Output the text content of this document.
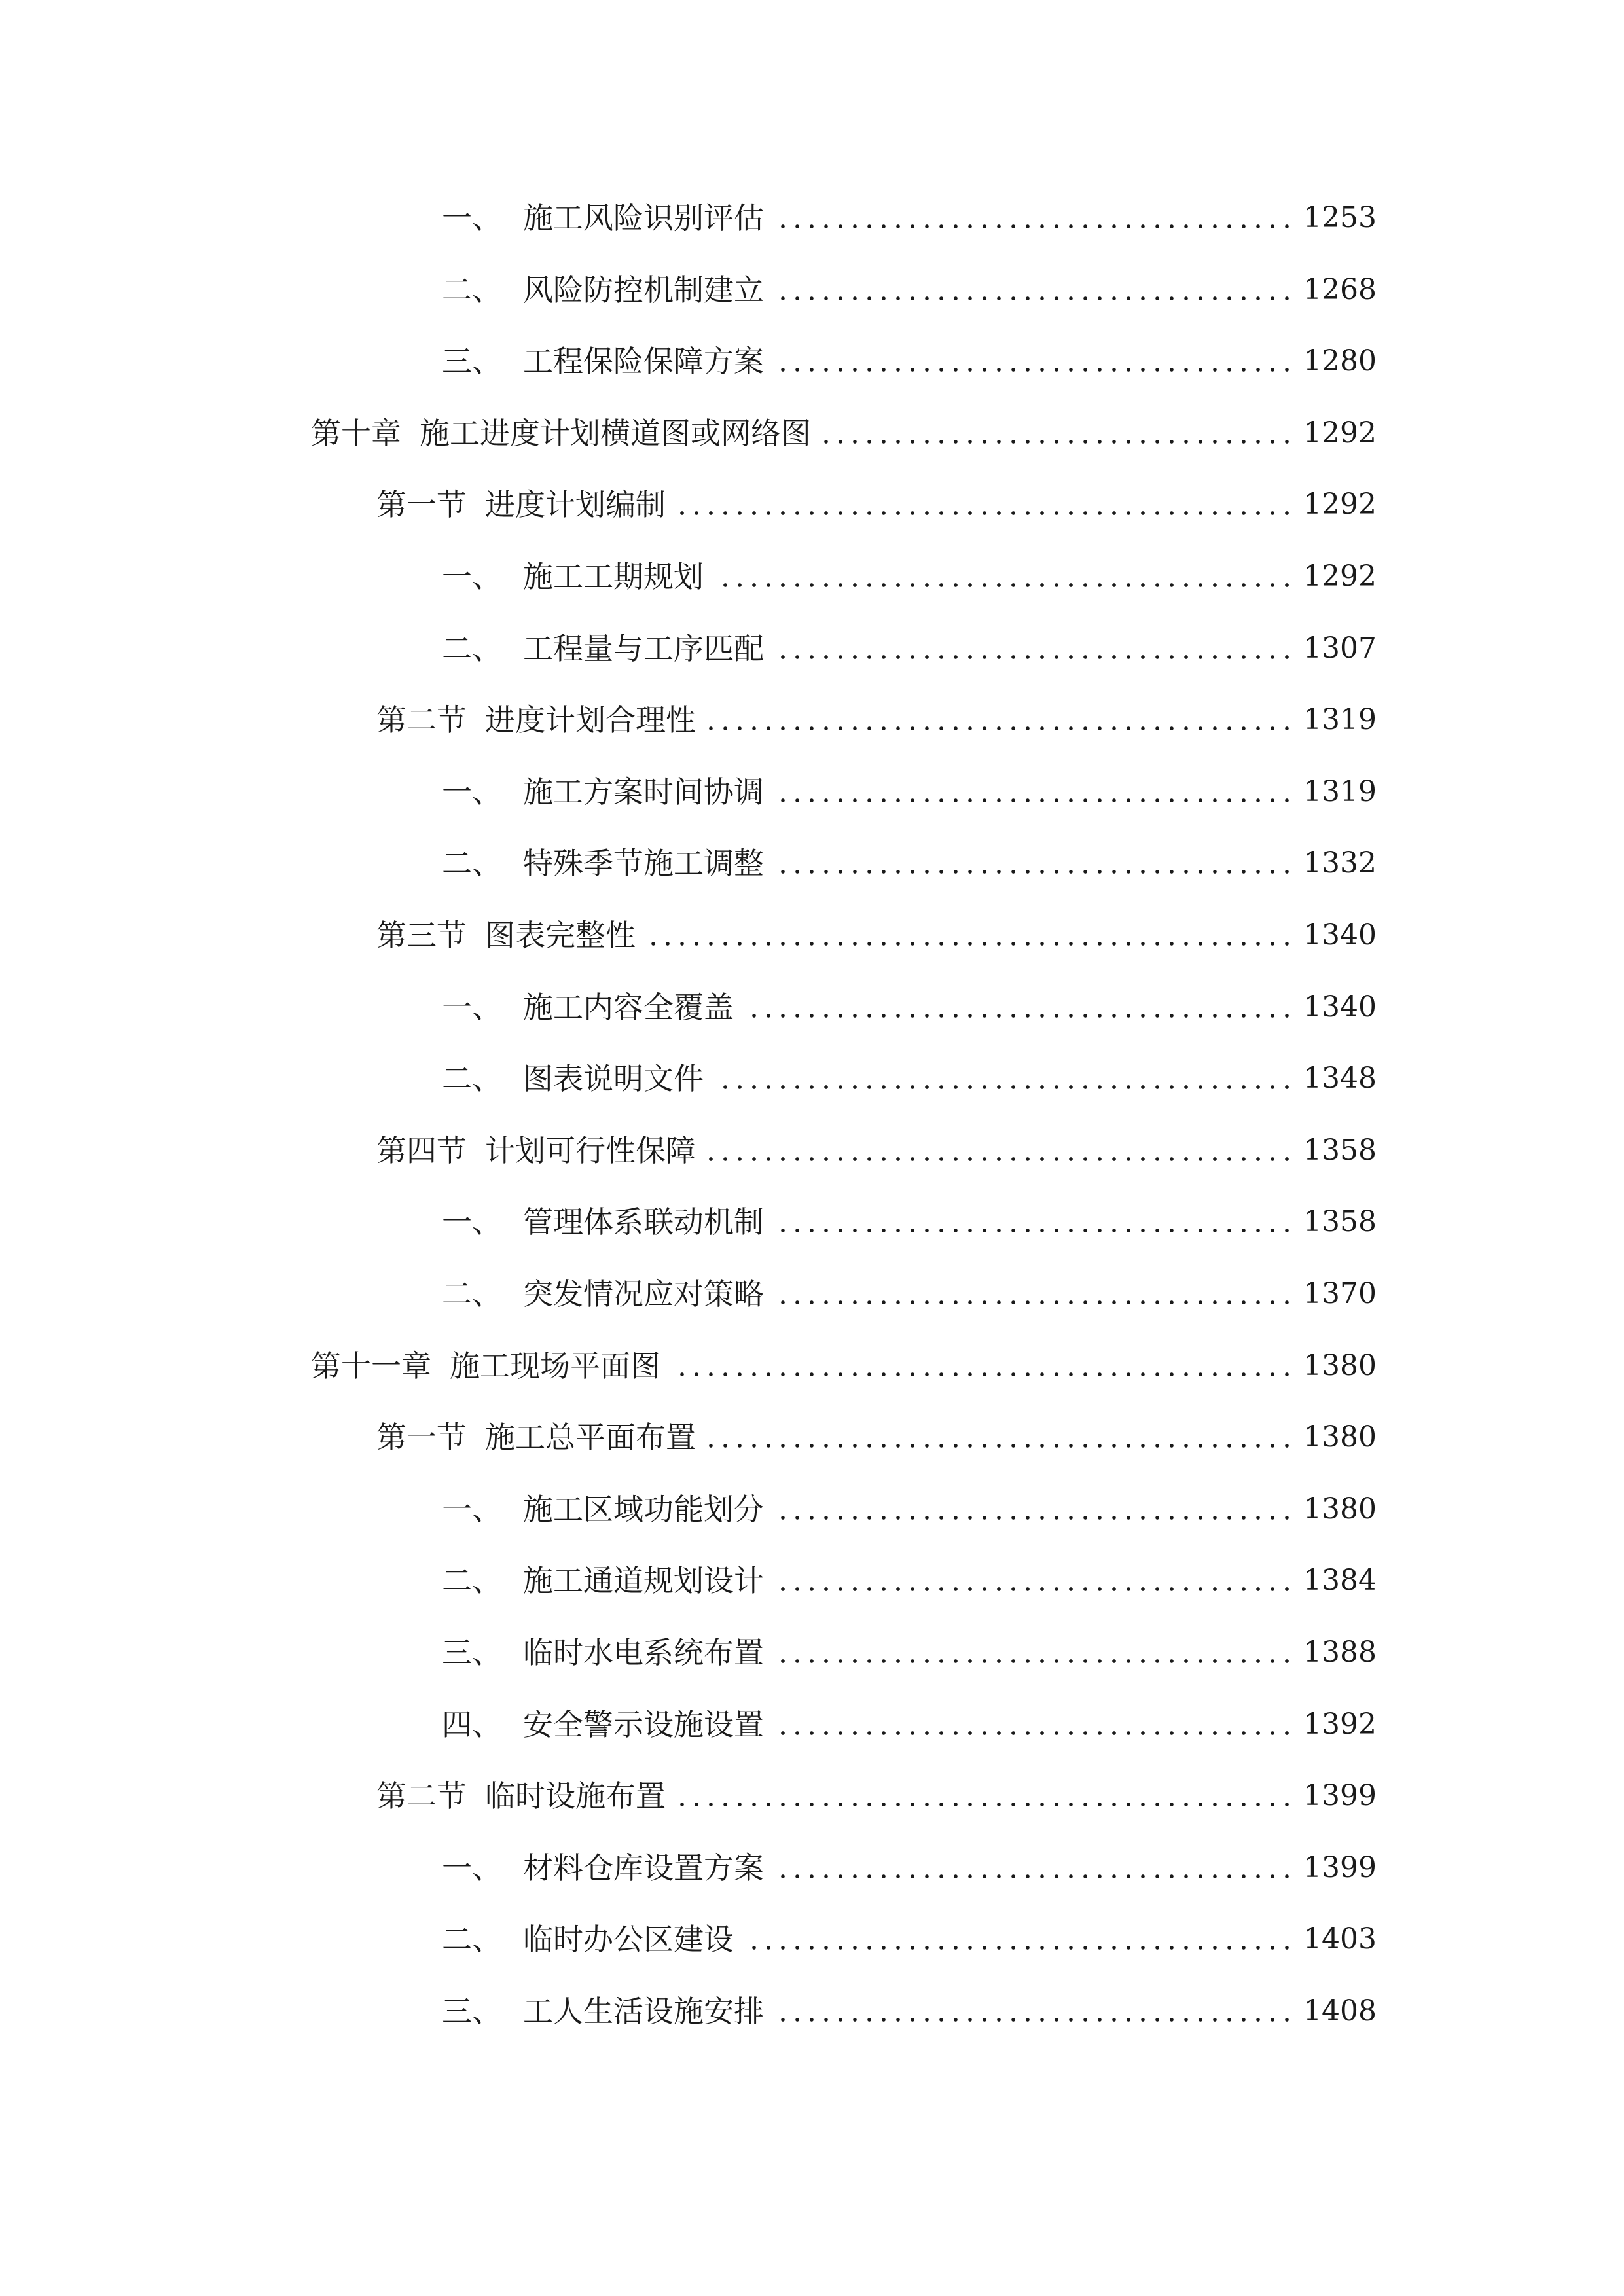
一、 施工风险识别评估	1253
二、 风险防控机制建立	1268
三、 工程保险保障方案	1280
第十章 施工进度计划横道图或网络图	1292
第一节 进度计划编制	1292
一、 施工工期规划	1292
二、 工程量与工序匹配	1307
第二节 进度计划合理性	1319
一、 施工方案时间协调	1319
二、 特殊季节施工调整	1332
第三节 图表完整性	1340
一、 施工内容全覆盖	1340
二、 图表说明文件	1348
第四节 计划可行性保障	1358
一、 管理体系联动机制	1358
二、 突发情况应对策略	1370
第十一章 施工现场平面图	1380
第一节 施工总平面布置	1380
一、 施工区域功能划分	1380
二、 施工通道规划设计	1384
三、 临时水电系统布置	1388
四、 安全警示设施设置	1392
第二节 临时设施布置	1399
一、 材料仓库设置方案	1399
二、 临时办公区建设	1403
三、 工人生活设施安排	1408
